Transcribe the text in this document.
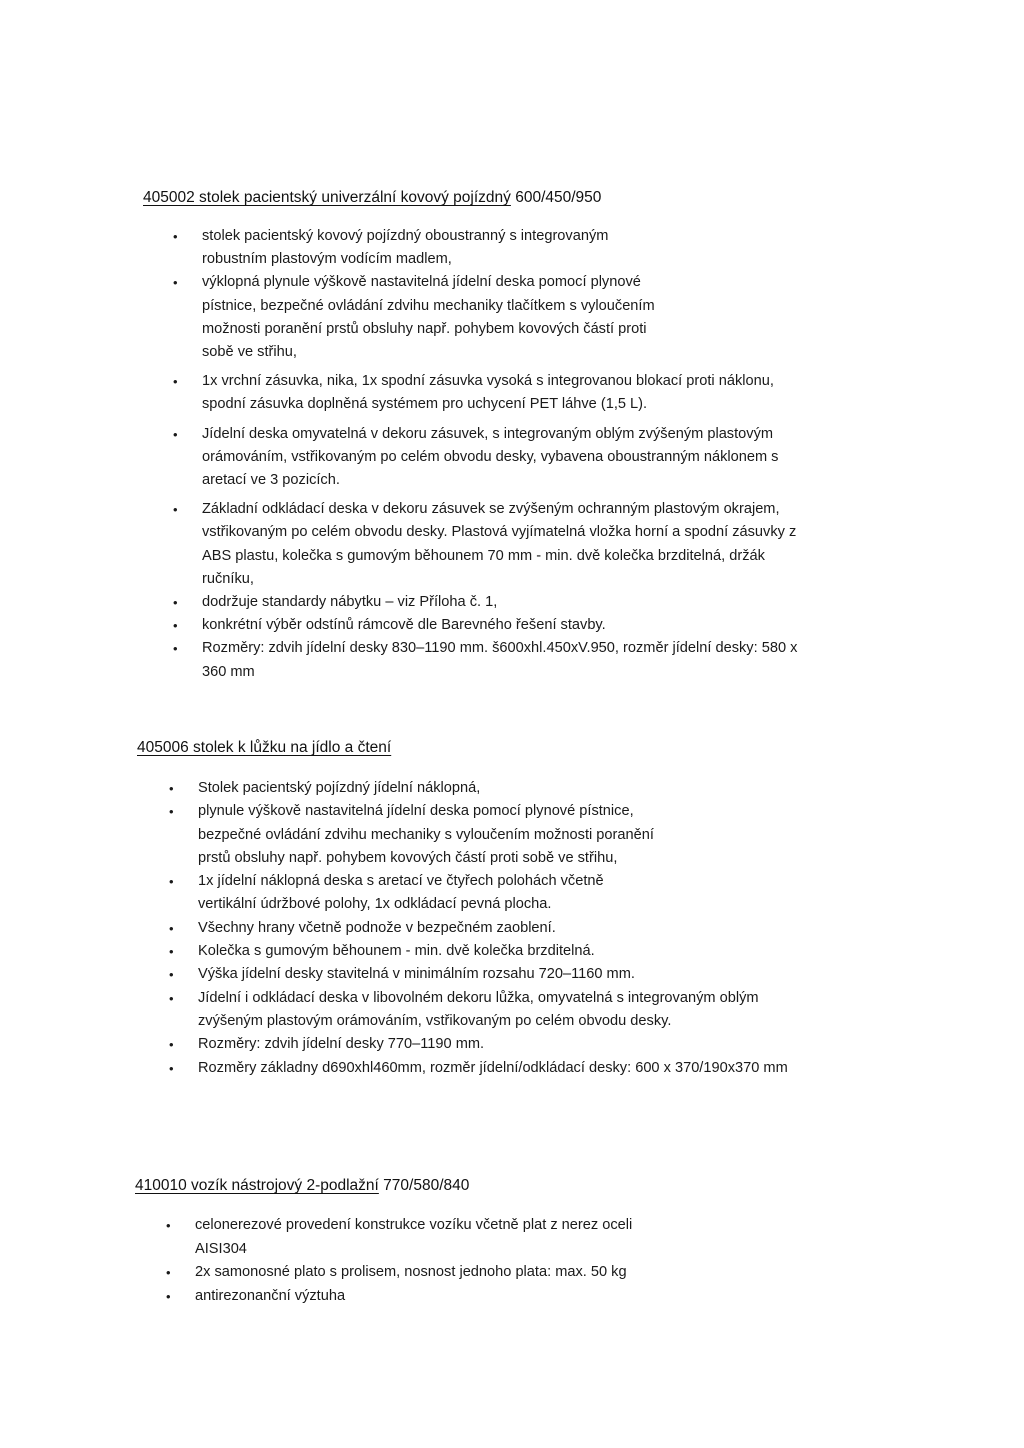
405002 stolek pacientský univerzální kovový pojízdný 600/450/950
• stolek pacientský kovový pojízdný oboustranný s integrovaným
robustním plastovým vodícím madlem,
• výklopná plynule výškově nastavitelná jídelní deska pomocí plynové
pístnice, bezpečné ovládání zdvihu mechaniky tlačítkem s vyloučením
možnosti poranění prstů obsluhy např. pohybem kovových částí proti
sobě ve střihu,
• 1x vrchní zásuvka, nika, 1x spodní zásuvka vysoká s integrovanou blokací proti náklonu,
spodní zásuvka doplněná systémem pro uchycení PET láhve (1,5 L).
• Jídelní deska omyvatelná v dekoru zásuvek, s integrovaným oblým zvýšeným plastovým
orámováním, vstřikovaným po celém obvodu desky, vybavena oboustranným náklonem s
aretací ve 3 pozicích.
• Základní odkládací deska v dekoru zásuvek se zvýšeným ochranným plastovým okrajem,
vstřikovaným po celém obvodu desky. Plastová vyjímatelná vložka horní a spodní zásuvky z
ABS plastu, kolečka s gumovým běhounem 70 mm - min. dvě kolečka brzditelná, držák
ručníku,
• dodržuje standardy nábytku – viz Příloha č. 1,
• konkrétní výběr odstínů rámcově dle Barevného řešení stavby.
• Rozměry: zdvih jídelní desky 830–1190 mm. š600xhl.450xV.950, rozměr jídelní desky: 580 x
360 mm
405006 stolek k lůžku na jídlo a čtení
• Stolek pacientský pojízdný jídelní náklopná,
• plynule výškově nastavitelná jídelní deska pomocí plynové pístnice,
bezpečné ovládání zdvihu mechaniky s vyloučením možnosti poranění
prstů obsluhy např. pohybem kovových částí proti sobě ve střihu,
• 1x jídelní náklopná deska s aretací ve čtyřech polohách včetně
vertikální údržbové polohy, 1x odkládací pevná plocha.
• Všechny hrany včetně podnože v bezpečném zaoblení.
• Kolečka s gumovým běhounem - min. dvě kolečka brzditelná.
• Výška jídelní desky stavitelná v minimálním rozsahu 720–1160 mm.
• Jídelní i odkládací deska v libovolném dekoru lůžka, omyvatelná s integrovaným oblým
zvýšeným plastovým orámováním, vstřikovaným po celém obvodu desky.
• Rozměry: zdvih jídelní desky 770–1190 mm.
• Rozměry základny d690xhl460mm, rozměr jídelní/odkládací desky: 600 x 370/190x370 mm
410010 vozík nástrojový 2-podlažní 770/580/840
• celonerezové provedení konstrukce vozíku včetně plat z nerez oceli
AISI304
• 2x samonosné plato s prolisem, nosnost jednoho plata: max. 50 kg
• antirezonanční výztuha
